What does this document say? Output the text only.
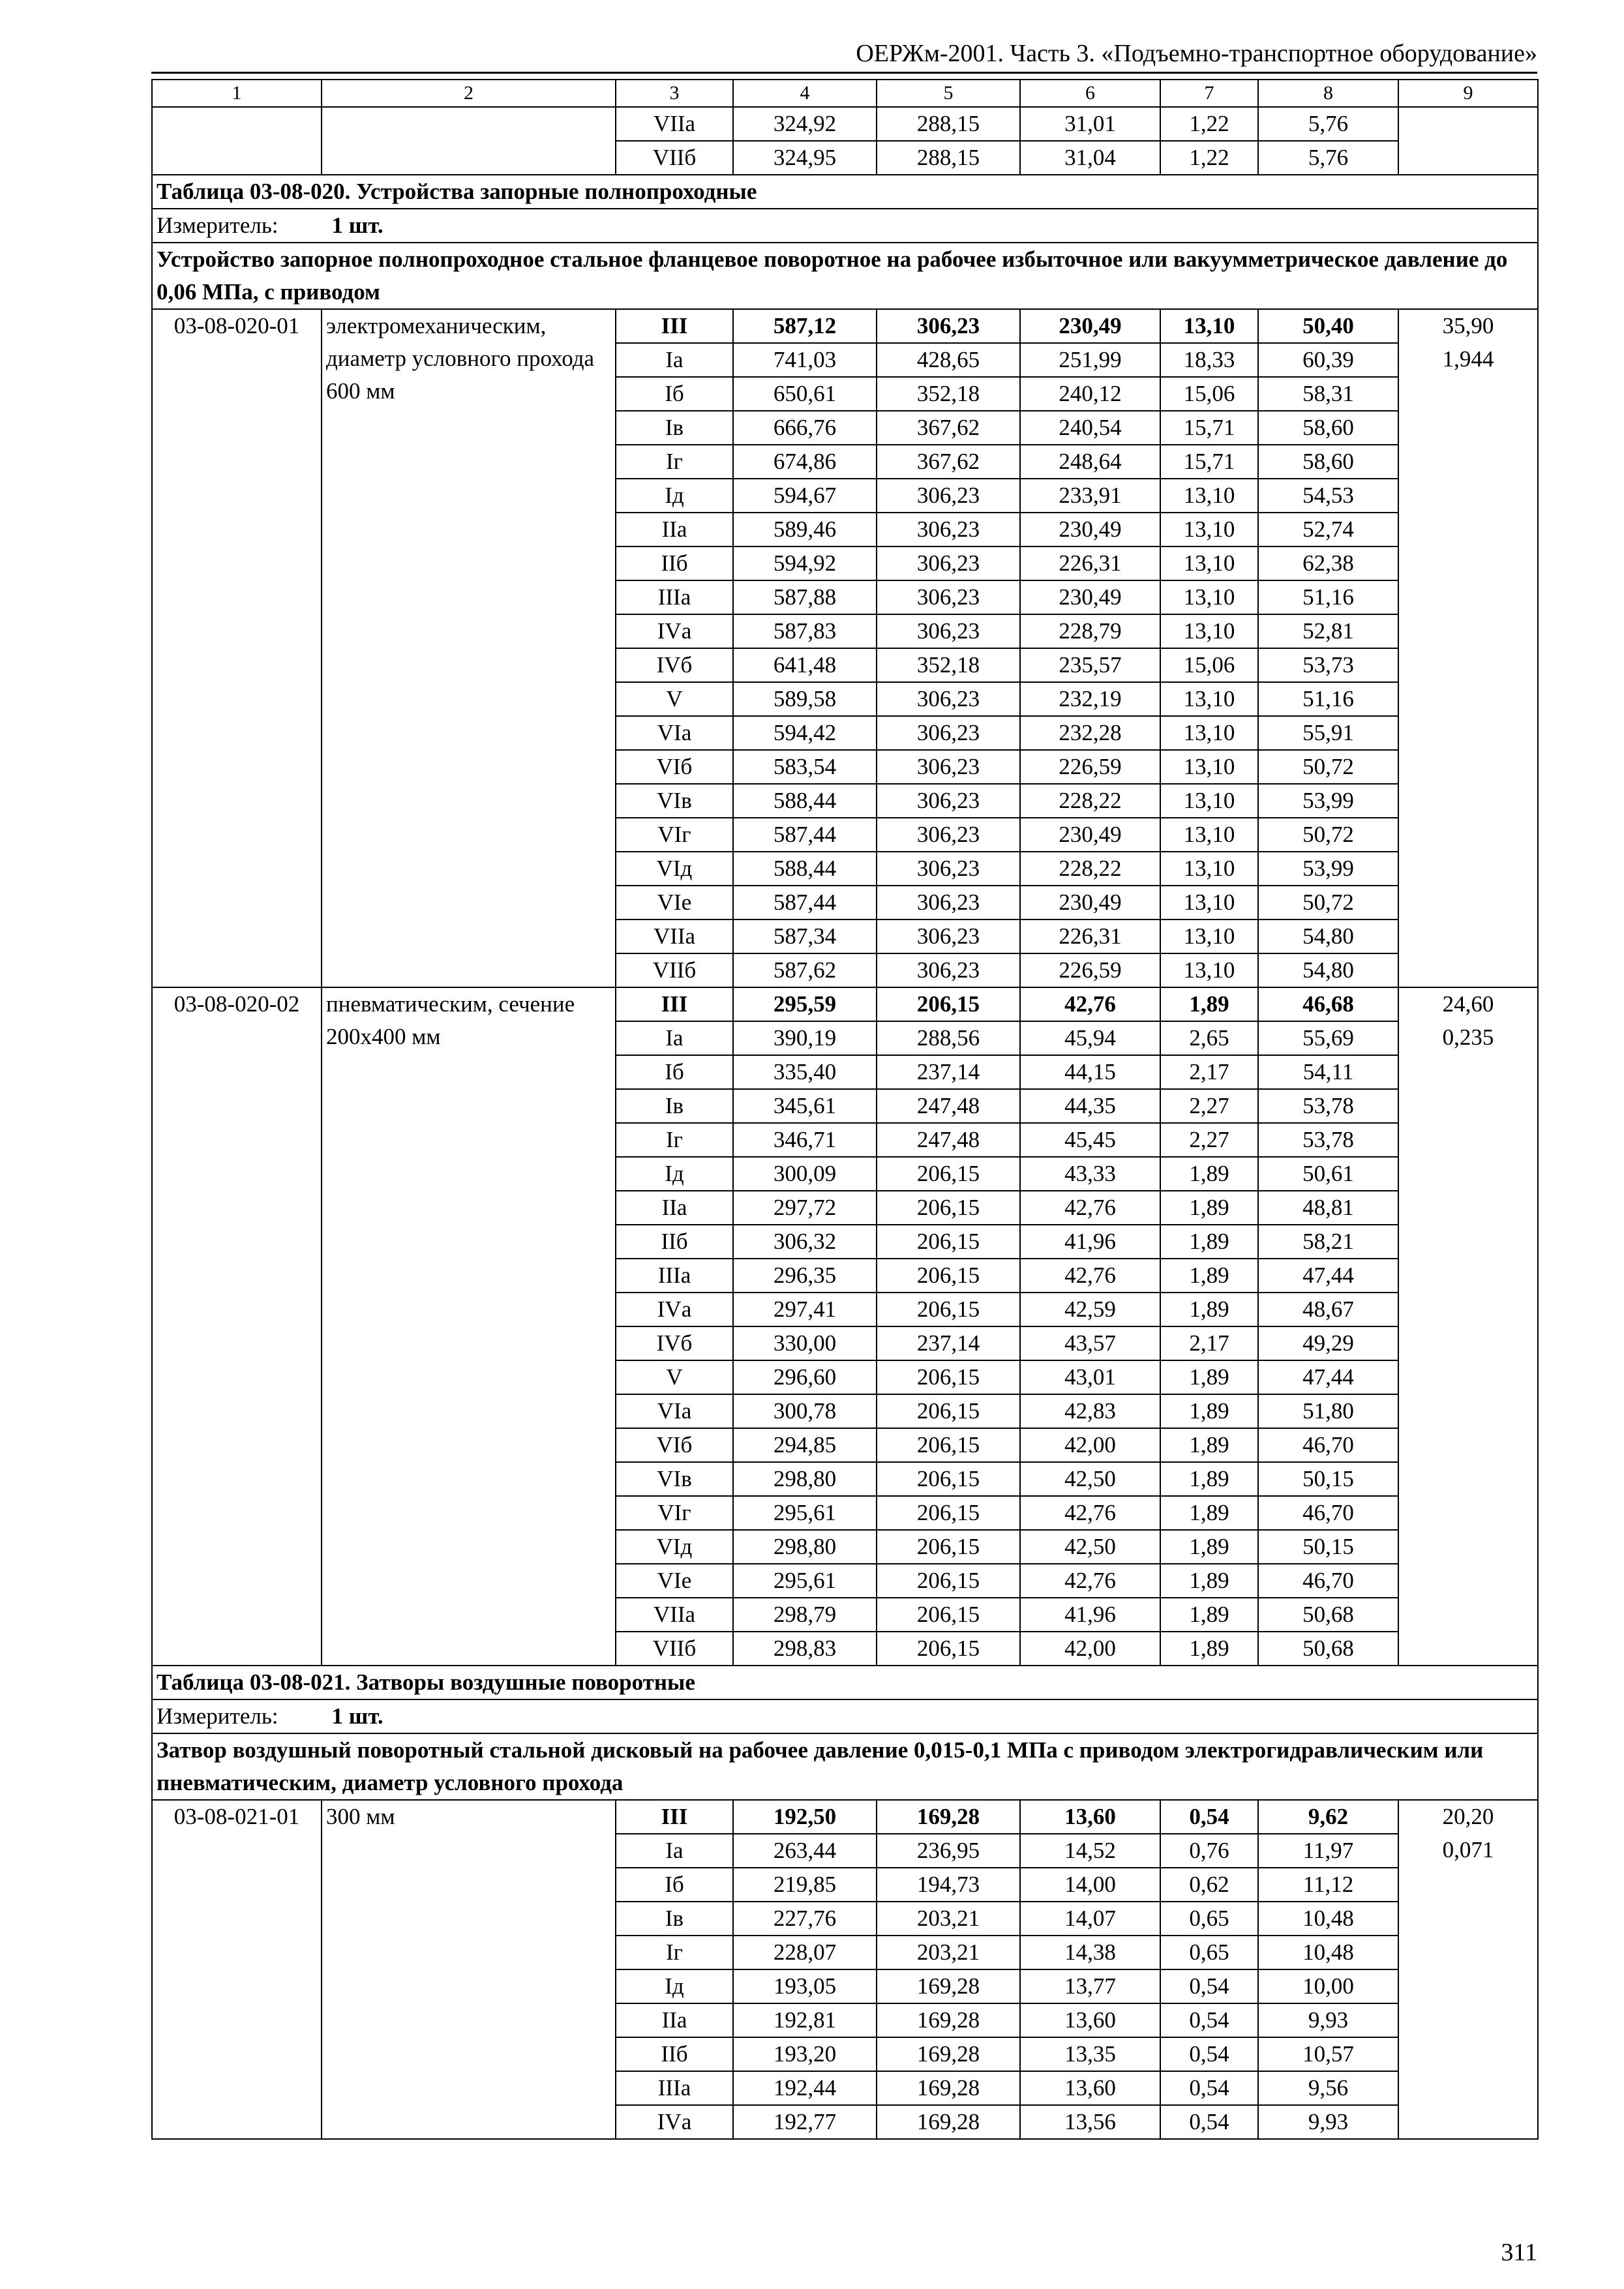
ОЕРЖм-2001. Часть 3. «Подъемно-транспортное оборудование»
1	2	3	4	5	6	7	8	9
		VIIа	324,92	288,15	31,01	1,22	5,76	
		VIIб	324,95	288,15	31,04	1,22	5,76	
Таблица 03-08-020. Устройства запорные полнопроходные								
Измеритель: 1 шт.								
Устройство запорное полнопроходное стальное фланцевое поворотное на рабочее избыточное или вакуумметрическое давление до 0,06 МПа, с приводом								
03-08-020-01	электромеханическим, диаметр условного прохода 600 мм	III	587,12	306,23	230,49	13,10	50,40	35,90
		Iа	741,03	428,65	251,99	18,33	60,39	1,944
		Iб	650,61	352,18	240,12	15,06	58,31	
		Iв	666,76	367,62	240,54	15,71	58,60	
		Iг	674,86	367,62	248,64	15,71	58,60	
		Iд	594,67	306,23	233,91	13,10	54,53	
		IIа	589,46	306,23	230,49	13,10	52,74	
		IIб	594,92	306,23	226,31	13,10	62,38	
		IIIа	587,88	306,23	230,49	13,10	51,16	
		IVа	587,83	306,23	228,79	13,10	52,81	
		IVб	641,48	352,18	235,57	15,06	53,73	
		V	589,58	306,23	232,19	13,10	51,16	
		VIа	594,42	306,23	232,28	13,10	55,91	
		VIб	583,54	306,23	226,59	13,10	50,72	
		VIв	588,44	306,23	228,22	13,10	53,99	
		VIг	587,44	306,23	230,49	13,10	50,72	
		VIд	588,44	306,23	228,22	13,10	53,99	
		VIе	587,44	306,23	230,49	13,10	50,72	
		VIIа	587,34	306,23	226,31	13,10	54,80	
		VIIб	587,62	306,23	226,59	13,10	54,80	
03-08-020-02	пневматическим, сечение 200x400 мм	III	295,59	206,15	42,76	1,89	46,68	24,60
		Iа	390,19	288,56	45,94	2,65	55,69	0,235
		Iб	335,40	237,14	44,15	2,17	54,11	
		Iв	345,61	247,48	44,35	2,27	53,78	
		Iг	346,71	247,48	45,45	2,27	53,78	
		Iд	300,09	206,15	43,33	1,89	50,61	
		IIа	297,72	206,15	42,76	1,89	48,81	
		IIб	306,32	206,15	41,96	1,89	58,21	
		IIIа	296,35	206,15	42,76	1,89	47,44	
		IVа	297,41	206,15	42,59	1,89	48,67	
		IVб	330,00	237,14	43,57	2,17	49,29	
		V	296,60	206,15	43,01	1,89	47,44	
		VIа	300,78	206,15	42,83	1,89	51,80	
		VIб	294,85	206,15	42,00	1,89	46,70	
		VIв	298,80	206,15	42,50	1,89	50,15	
		VIг	295,61	206,15	42,76	1,89	46,70	
		VIд	298,80	206,15	42,50	1,89	50,15	
		VIе	295,61	206,15	42,76	1,89	46,70	
		VIIа	298,79	206,15	41,96	1,89	50,68	
		VIIб	298,83	206,15	42,00	1,89	50,68	
Таблица 03-08-021. Затворы воздушные поворотные								
Измеритель: 1 шт.								
Затвор воздушный поворотный стальной дисковый на рабочее давление 0,015-0,1 МПа с приводом электрогидравлическим или пневматическим, диаметр условного прохода								
03-08-021-01	300 мм	III	192,50	169,28	13,60	0,54	9,62	20,20
		Iа	263,44	236,95	14,52	0,76	11,97	0,071
		Iб	219,85	194,73	14,00	0,62	11,12	
		Iв	227,76	203,21	14,07	0,65	10,48	
		Iг	228,07	203,21	14,38	0,65	10,48	
		Iд	193,05	169,28	13,77	0,54	10,00	
		IIа	192,81	169,28	13,60	0,54	9,93	
		IIб	193,20	169,28	13,35	0,54	10,57	
		IIIа	192,44	169,28	13,60	0,54	9,56	
		IVа	192,77	169,28	13,56	0,54	9,93	
311
